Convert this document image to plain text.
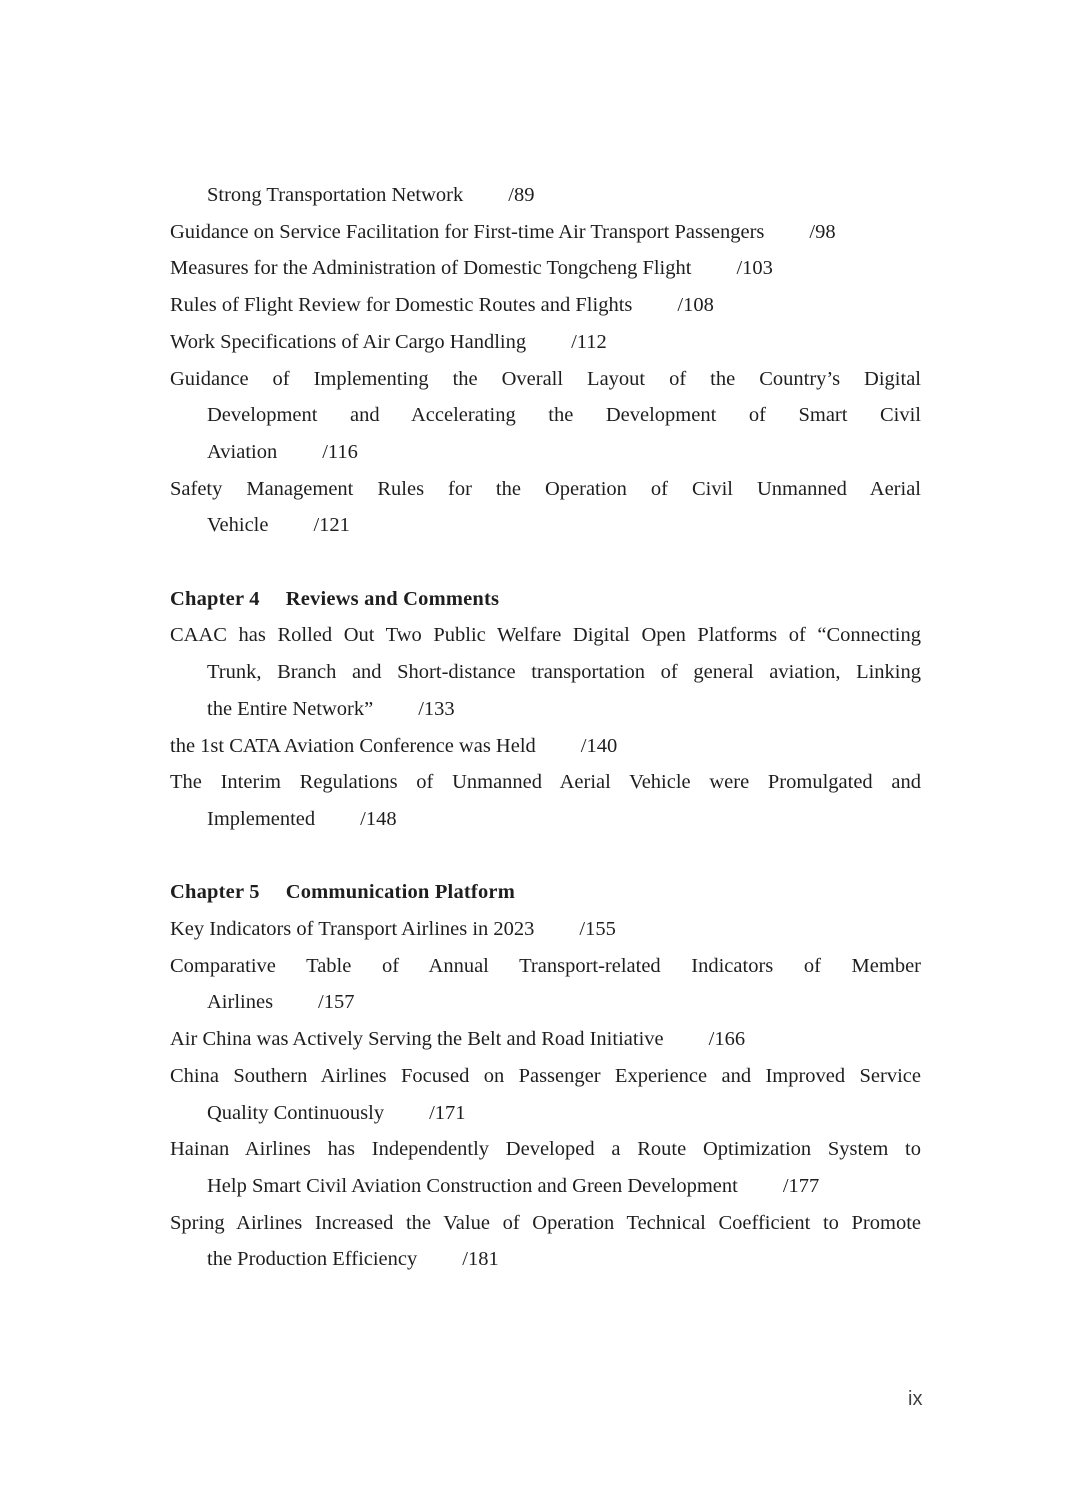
Strong Transportation Network /89
Guidance on Service Facilitation for First-time Air Transport Passengers /98
Measures for the Administration of Domestic Tongcheng Flight /103
Rules of Flight Review for Domestic Routes and Flights /108
Work Specifications of Air Cargo Handling /112
Guidance of Implementing the Overall Layout of the Country’s Digital
Development and Accelerating the Development of Smart Civil
Aviation /116
Safety Management Rules for the Operation of Civil Unmanned Aerial
Vehicle /121
Chapter 4 Reviews and Comments
CAAC has Rolled Out Two Public Welfare Digital Open Platforms of “Connecting
Trunk, Branch and Short-distance transportation of general aviation, Linking
the Entire Network” /133
the 1st CATA Aviation Conference was Held /140
The Interim Regulations of Unmanned Aerial Vehicle were Promulgated and
Implemented /148
Chapter 5 Communication Platform
Key Indicators of Transport Airlines in 2023 /155
Comparative Table of Annual Transport-related Indicators of Member
Airlines /157
Air China was Actively Serving the Belt and Road Initiative /166
China Southern Airlines Focused on Passenger Experience and Improved Service
Quality Continuously /171
Hainan Airlines has Independently Developed a Route Optimization System to
Help Smart Civil Aviation Construction and Green Development /177
Spring Airlines Increased the Value of Operation Technical Coefficient to Promote
the Production Efficiency /181
ix
